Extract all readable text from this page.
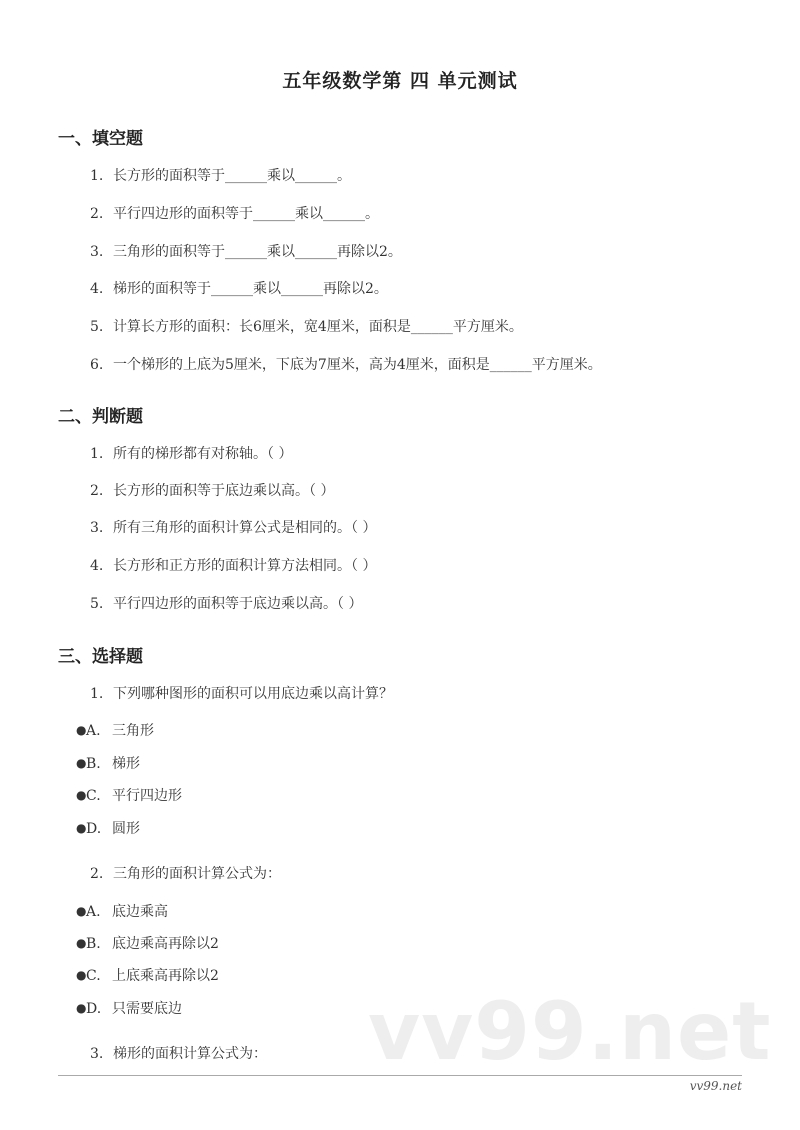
五年级数学第 四 单元测试
一、填空题
1. 长方形的面积等于______乘以______。
2. 平行四边形的面积等于______乘以______。
3. 三角形的面积等于______乘以______再除以2。
4. 梯形的面积等于______乘以______再除以2。
5. 计算长方形的面积：长6厘米，宽4厘米，面积是______平方厘米。
6. 一个梯形的上底为5厘米，下底为7厘米，高为4厘米，面积是______平方厘米。
二、判断题
1. 所有的梯形都有对称轴。（ ）
2. 长方形的面积等于底边乘以高。（ ）
3. 所有三角形的面积计算公式是相同的。（ ）
4. 长方形和正方形的面积计算方法相同。（ ）
5. 平行四边形的面积等于底边乘以高。（ ）
三、选择题
1. 下列哪种图形的面积可以用底边乘以高计算？
●A. 三角形
●B. 梯形
●C. 平行四边形
●D. 圆形
2. 三角形的面积计算公式为：
●A. 底边乘高
●B. 底边乘高再除以2
●C. 上底乘高再除以2
●D. 只需要底边 vv99.net
3. 梯形的面积计算公式为：
vv99.net
